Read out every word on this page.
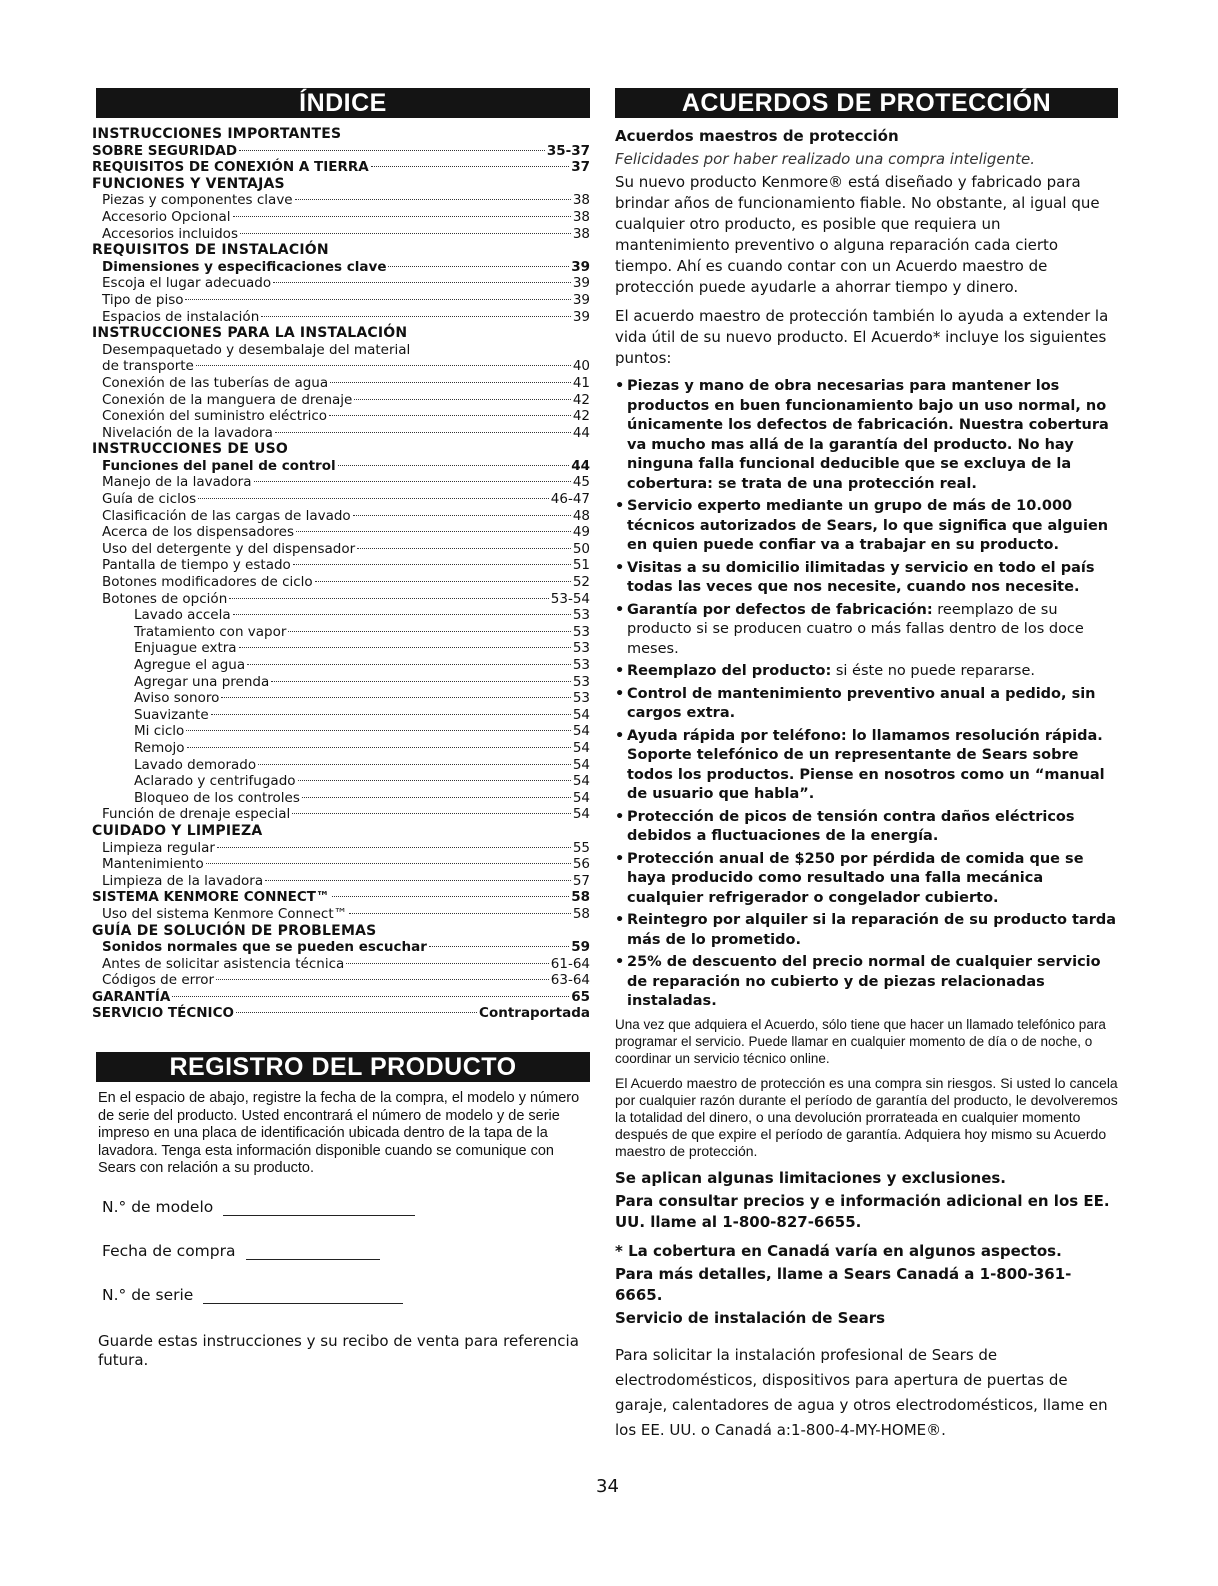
ÍNDICE
INSTRUCCIONES IMPORTANTES
SOBRE SEGURIDAD	35-37
REQUISITOS DE CONEXIÓN A TIERRA	37
FUNCIONES Y VENTAJAS
Piezas y componentes clave	38
Accesorio Opcional	38
Accesorios incluidos	38
REQUISITOS DE INSTALACIÓN
Dimensiones y especificaciones clave	39
Escoja el lugar adecuado	39
Tipo de piso	39
Espacios de instalación	39
INSTRUCCIONES PARA LA INSTALACIÓN
Desempaquetado y desembalaje del material
de transporte	40
Conexión de las tuberías de agua	41
Conexión de la manguera de drenaje	42
Conexión del suministro eléctrico	42
Nivelación de la lavadora	44
INSTRUCCIONES DE USO
Funciones del panel de control	44
Manejo de la lavadora	45
Guía de ciclos	46-47
Clasificación de las cargas de lavado	48
Acerca de los dispensadores	49
Uso del detergente y del dispensador	50
Pantalla de tiempo y estado	51
Botones modificadores de ciclo	52
Botones de opción	53-54
Lavado accela	53
Tratamiento con vapor	53
Enjuague extra	53
Agregue el agua	53
Agregar una prenda	53
Aviso sonoro	53
Suavizante	54
Mi ciclo	54
Remojo	54
Lavado demorado	54
Aclarado y centrifugado	54
Bloqueo de los controles	54
Función de drenaje especial	54
CUIDADO Y LIMPIEZA
Limpieza regular	55
Mantenimiento	56
Limpieza de la lavadora	57
SISTEMA KENMORE CONNECT™	58
Uso del sistema Kenmore Connect™	58
GUÍA DE SOLUCIÓN DE PROBLEMAS
Sonidos normales que se pueden escuchar	59
Antes de solicitar asistencia técnica	61-64
Códigos de error	63-64
GARANTÍA	65
SERVICIO TÉCNICO	Contraportada
REGISTRO DEL PRODUCTO
En el espacio de abajo, registre la fecha de la compra, el modelo y número de serie del producto. Usted encontrará el número de modelo y de serie impreso en una placa de identificación ubicada dentro de la tapa de la lavadora. Tenga esta información disponible cuando se comunique con Sears con relación a su producto.
N.° de modelo
Fecha de compra
N.° de serie
Guarde estas instrucciones y su recibo de venta para referencia futura.
ACUERDOS DE PROTECCIÓN

Acuerdos maestros de protección

Felicidades por haber realizado una compra inteligente.

Su nuevo producto Kenmore® está diseñado y fabricado para brindar años de funcionamiento fiable. No obstante, al igual que cualquier otro producto, es posible que requiera un mantenimiento preventivo o alguna reparación cada cierto tiempo. Ahí es cuando contar con un Acuerdo maestro de protección puede ayudarle a ahorrar tiempo y dinero.

El acuerdo maestro de protección también lo ayuda a extender la vida útil de su nuevo producto. El Acuerdo* incluye los siguientes puntos:

• Piezas y mano de obra necesarias para mantener los productos en buen funcionamiento bajo un uso normal, no únicamente los defectos de fabricación. Nuestra cobertura va mucho mas allá de la garantía del producto. No hay ninguna falla funcional deducible que se excluya de la cobertura: se trata de una protección real.
• Servicio experto mediante un grupo de más de 10.000 técnicos autorizados de Sears, lo que significa que alguien en quien puede confiar va a trabajar en su producto.
• Visitas a su domicilio ilimitadas y servicio en todo el país todas las veces que nos necesite, cuando nos necesite.
• Garantía por defectos de fabricación: reemplazo de su producto si se producen cuatro o más fallas dentro de los doce meses.
• Reemplazo del producto: si éste no puede repararse.
• Control de mantenimiento preventivo anual a pedido, sin cargos extra.
• Ayuda rápida por teléfono: lo llamamos resolución rápida. Soporte telefónico de un representante de Sears sobre todos los productos. Piense en nosotros como un “manual de usuario que habla”.
• Protección de picos de tensión contra daños eléctricos debidos a fluctuaciones de la energía.
• Protección anual de $250 por pérdida de comida que se haya producido como resultado una falla mecánica cualquier refrigerador o congelador cubierto.
• Reintegro por alquiler si la reparación de su producto tarda más de lo prometido.
• 25% de descuento del precio normal de cualquier servicio de reparación no cubierto y de piezas relacionadas instaladas.

Una vez que adquiera el Acuerdo, sólo tiene que hacer un llamado telefónico para programar el servicio. Puede llamar en cualquier momento de día o de noche, o coordinar un servicio técnico online.

El Acuerdo maestro de protección es una compra sin riesgos. Si usted lo cancela por cualquier razón durante el período de garantía del producto, le devolveremos la totalidad del dinero, o una devolución prorrateada en cualquier momento después de que expire el período de garantía. Adquiera hoy mismo su Acuerdo maestro de protección.

Se aplican algunas limitaciones y exclusiones.

Para consultar precios y e información adicional en los EE. UU. llame al 1-800-827-6655.

* La cobertura en Canadá varía en algunos aspectos.

Para más detalles, llame a Sears Canadá a 1-800-361-6665.

Servicio de instalación de Sears

Para solicitar la instalación profesional de Sears de electrodomésticos, dispositivos para apertura de puertas de garaje, calentadores de agua y otros electrodomésticos, llame en los EE. UU. o Canadá a:1-800-4-MY-HOME®.

34
